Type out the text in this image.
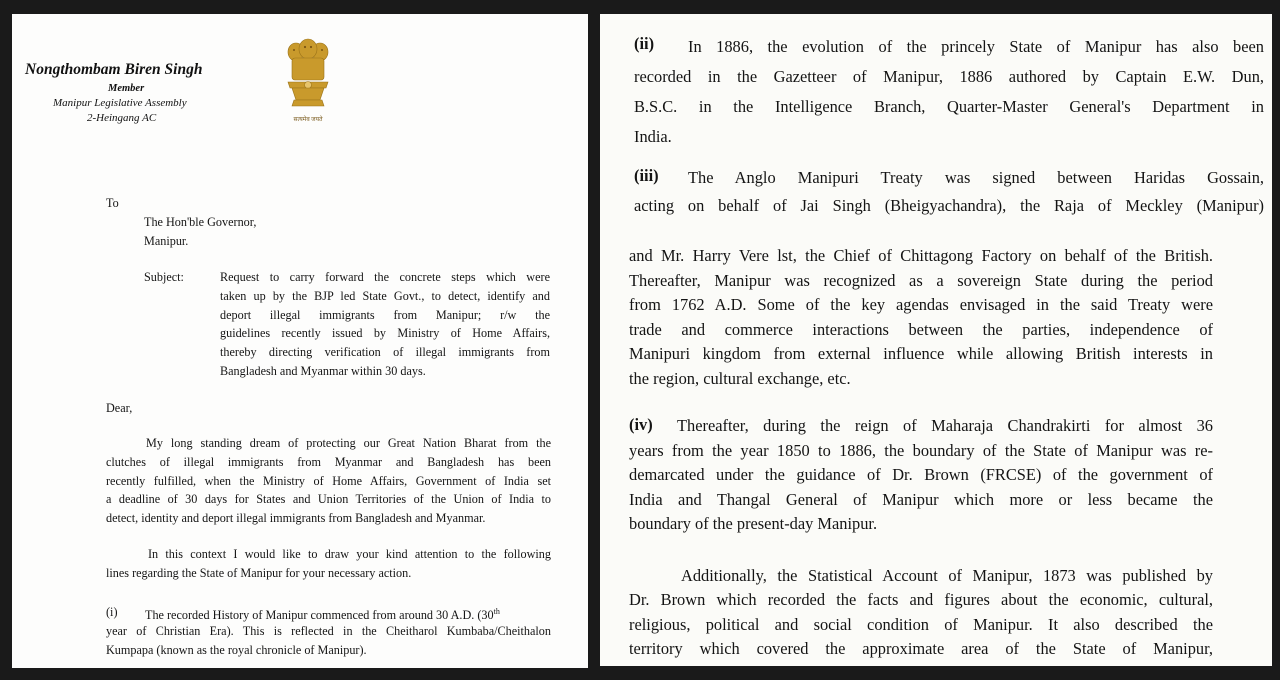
Nongthombam Biren Singh
Member
Manipur Legislative Assembly
2-Heingang AC	सत्यमेव जयते
To
The Hon'ble Governor,
Manipur.
Subject:	Request to carry forward the concrete steps which were
taken up by the BJP led State Govt., to detect, identify and
deport illegal immigrants from Manipur; r/w the
guidelines recently issued by Ministry of Home Affairs,
thereby directing verification of illegal immigrants from
Bangladesh and Myanmar within 30 days.
Dear,
My long standing dream of protecting our Great Nation Bharat from the
clutches of illegal immigrants from Myanmar and Bangladesh has been
recently fulfilled, when the Ministry of Home Affairs, Government of India set
a deadline of 30 days for States and Union Territories of the Union of India to
detect, identity and deport illegal immigrants from Bangladesh and Myanmar.
In this context I would like to draw your kind attention to the following
lines regarding the State of Manipur for your necessary action.
(i) The recorded History of Manipur commenced from around 30 A.D. (30th
year of Christian Era). This is reflected in the Cheitharol Kumbaba/Cheithalon
Kumpapa (known as the royal chronicle of Manipur).
(ii)	In 1886, the evolution of the princely State of Manipur has also been
recorded in the Gazetteer of Manipur, 1886 authored by Captain E.W. Dun,
B.S.C. in the Intelligence Branch, Quarter-Master General's Department in
India.
(iii)	The Anglo Manipuri Treaty was signed between Haridas Gossain,
acting on behalf of Jai Singh (Bheigyachandra), the Raja of Meckley (Manipur)
and Mr. Harry Vere lst, the Chief of Chittagong Factory on behalf of the British.
Thereafter, Manipur was recognized as a sovereign State during the period
from 1762 A.D. Some of the key agendas envisaged in the said Treaty were
trade and commerce interactions between the parties, independence of
Manipuri kingdom from external influence while allowing British interests in
the region, cultural exchange, etc.
(iv)	Thereafter, during the reign of Maharaja Chandrakirti for almost 36
years from the year 1850 to 1886, the boundary of the State of Manipur was re-
demarcated under the guidance of Dr. Brown (FRCSE) of the government of
India and Thangal General of Manipur which more or less became the
boundary of the present-day Manipur.
Additionally, the Statistical Account of Manipur, 1873 was published by
Dr. Brown which recorded the facts and figures about the economic, cultural,
religious, political and social condition of Manipur. It also described the
territory which covered the approximate area of the State of Manipur,
